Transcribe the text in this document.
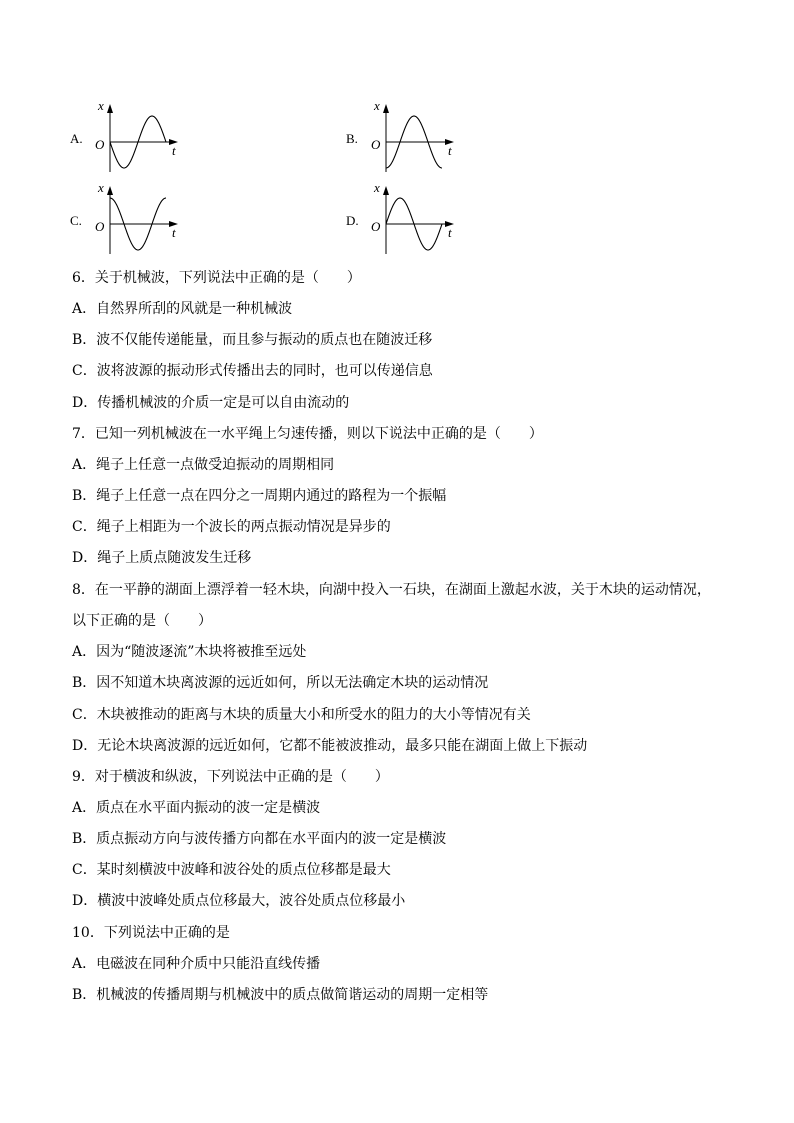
A.
x
O	t
B.
x
O	t
C.
x
O	t
D.
x
O	t
6．关于机械波，下列说法中正确的是（　　）
A．自然界所刮的风就是一种机械波
B．波不仅能传递能量，而且参与振动的质点也在随波迁移
C．波将波源的振动形式传播出去的同时，也可以传递信息
D．传播机械波的介质一定是可以自由流动的
7．已知一列机械波在一水平绳上匀速传播，则以下说法中正确的是（　　）
A．绳子上任意一点做受迫振动的周期相同
B．绳子上任意一点在四分之一周期内通过的路程为一个振幅
C．绳子上相距为一个波长的两点振动情况是异步的
D．绳子上质点随波发生迁移
8．在一平静的湖面上漂浮着一轻木块，向湖中投入一石块，在湖面上激起水波，关于木块的运动情况，
以下正确的是（　　）
A．因为“随波逐流”木块将被推至远处
B．因不知道木块离波源的远近如何，所以无法确定木块的运动情况
C．木块被推动的距离与木块的质量大小和所受水的阻力的大小等情况有关
D．无论木块离波源的远近如何，它都不能被波推动，最多只能在湖面上做上下振动
9．对于横波和纵波，下列说法中正确的是（　　）
A．质点在水平面内振动的波一定是横波
B．质点振动方向与波传播方向都在水平面内的波一定是横波
C．某时刻横波中波峰和波谷处的质点位移都是最大
D．横波中波峰处质点位移最大，波谷处质点位移最小
10．下列说法中正确的是
A．电磁波在同种介质中只能沿直线传播
B．机械波的传播周期与机械波中的质点做简谐运动的周期一定相等
